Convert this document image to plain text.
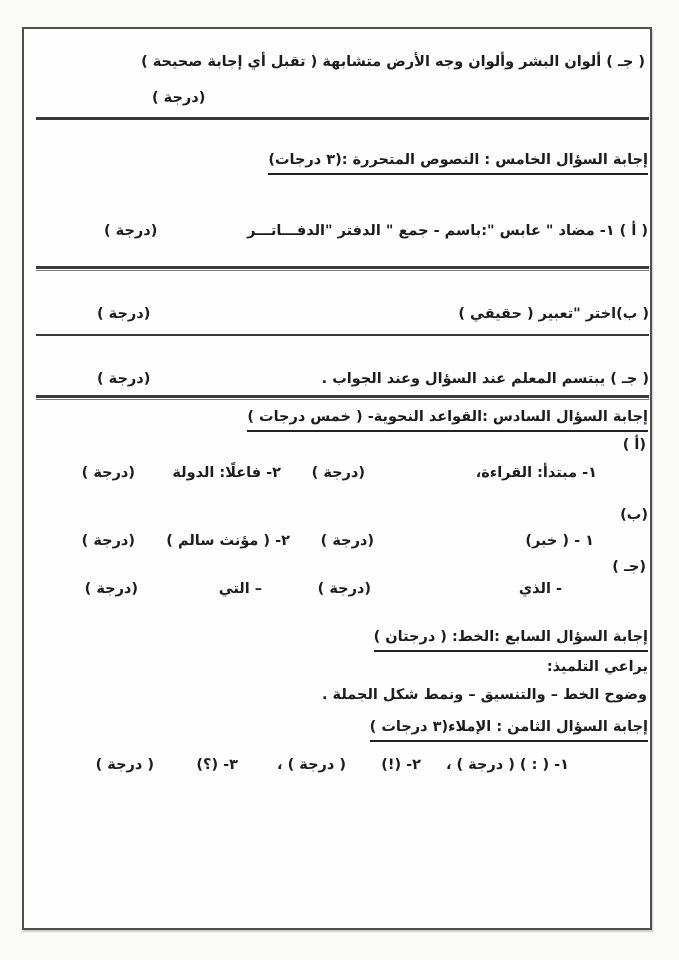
( جـ ) ألوان البشر وألوان وجه الأرض متشابهة ( تقبل أي إجابة صحيحة )
(درجة )
إجابة السؤال الخامس : النصوص المتحررة :(٣ درجات)
( أ ) ١- مضاد " عابس ":باسم - جمع " الدفتر "الدفـــاتـــر
(درجة )
( ب)اختر "تعبير ( حقيقي )
(درجة )
( جـ ) يبتسم المعلم عند السؤال وعند الجواب .
(درجة )
إجابة السؤال السادس :القواعد النحوية- ( خمس درجات )
(أ )
١- مبتدأ: القراءة،
(درجة )
٢- فاعلًا: الدولة
(درجة )
(ب)
١ - ( خبر)
(درجة )
٢- ( مؤنث سالم )
(درجة )
(جـ )
- الذي
(درجة )
– التي
(درجة )
إجابة السؤال السابع :الخط: ( درجتان )
يراعي التلميذ:
وضوح الخط – والتنسيق – ونمط شكل الجملة .
إجابة السؤال الثامن : الإملاء(٣ درجات )
١- ( : ) ( درجة ) ،
٢- (!)
( درجة ) ،
٣- (؟)
( درجة )
